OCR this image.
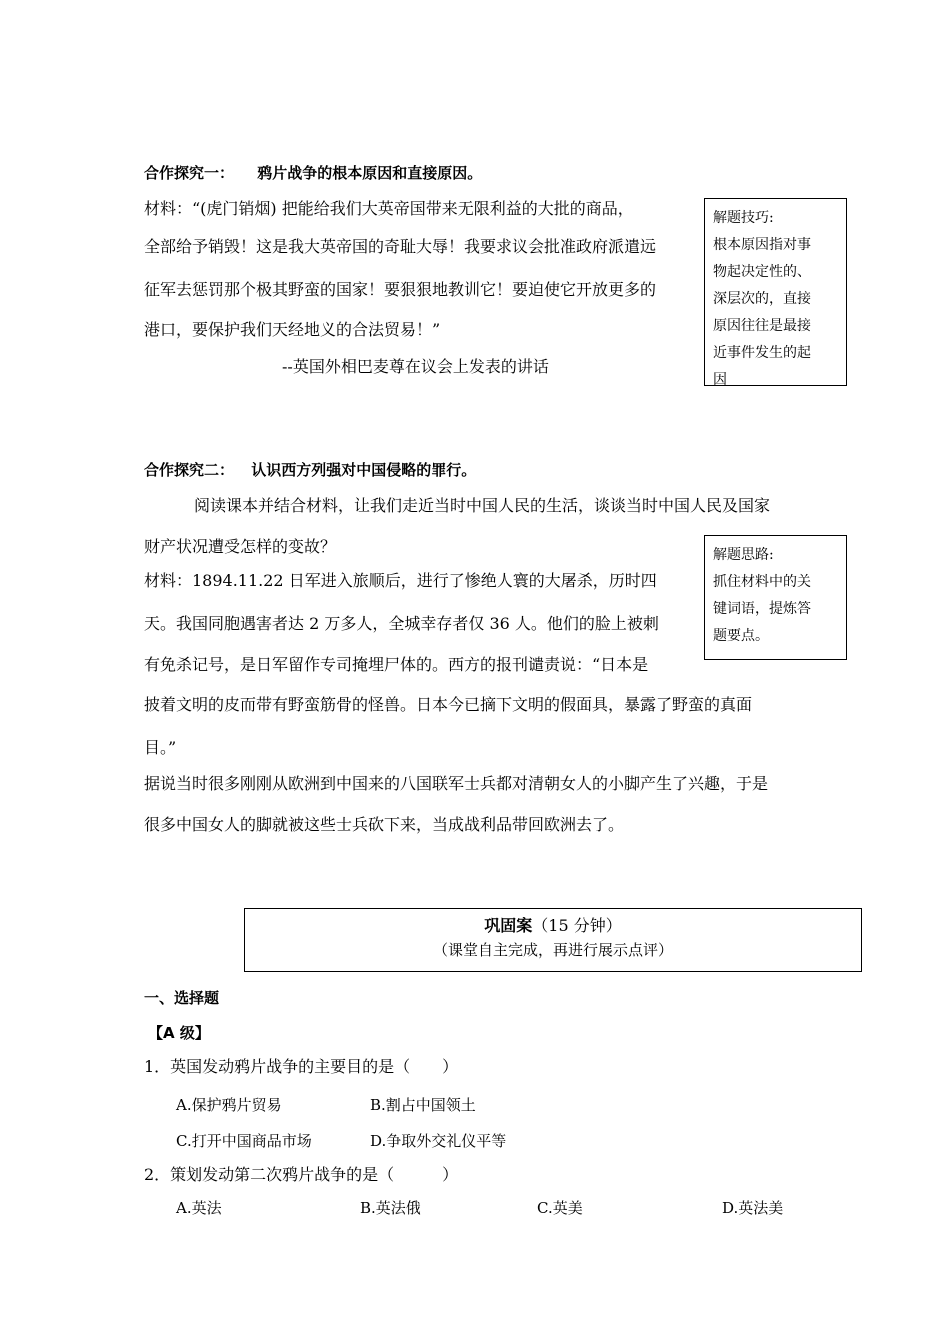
合作探究一： 鸦片战争的根本原因和直接原因。
材料：“(虎门销烟) 把能给我们大英帝国带来无限利益的大批的商品，
全部给予销毁！这是我大英帝国的奇耻大辱！我要求议会批准政府派遣远
征军去惩罚那个极其野蛮的国家！要狠狠地教训它！要迫使它开放更多的
港口，要保护我们天经地义的合法贸易！”
--英国外相巴麦尊在议会上发表的讲话
解题技巧:
根本原因指对事
物起决定性的、
深层次的，直接
原因往往是最接
近事件发生的起
因
合作探究二： 认识西方列强对中国侵略的罪行。
阅读课本并结合材料，让我们走近当时中国人民的生活，谈谈当时中国人民及国家
财产状况遭受怎样的变故？
材料：1894.11.22 日军进入旅顺后，进行了惨绝人寰的大屠杀，历时四
天。我国同胞遇害者达 2 万多人，全城幸存者仅 36 人。他们的脸上被刺
有免杀记号，是日军留作专司掩埋尸体的。西方的报刊谴责说：“日本是
披着文明的皮而带有野蛮筋骨的怪兽。日本今已摘下文明的假面具，暴露了野蛮的真面
目。”
据说当时很多刚刚从欧洲到中国来的八国联军士兵都对清朝女人的小脚产生了兴趣，于是
很多中国女人的脚就被这些士兵砍下来，当成战利品带回欧洲去了。
解题思路:
抓住材料中的关
键词语，提炼答
题要点。
巩固案（15 分钟）
（课堂自主完成，再进行展示点评）
一、选择题
【A 级】
1．英国发动鸦片战争的主要目的是（　　）
A.保护鸦片贸易	B.割占中国领土
C.打开中国商品市场	D.争取外交礼仪平等
2．策划发动第二次鸦片战争的是（　　　）
A.英法	B.英法俄	C.英美	D.英法美
